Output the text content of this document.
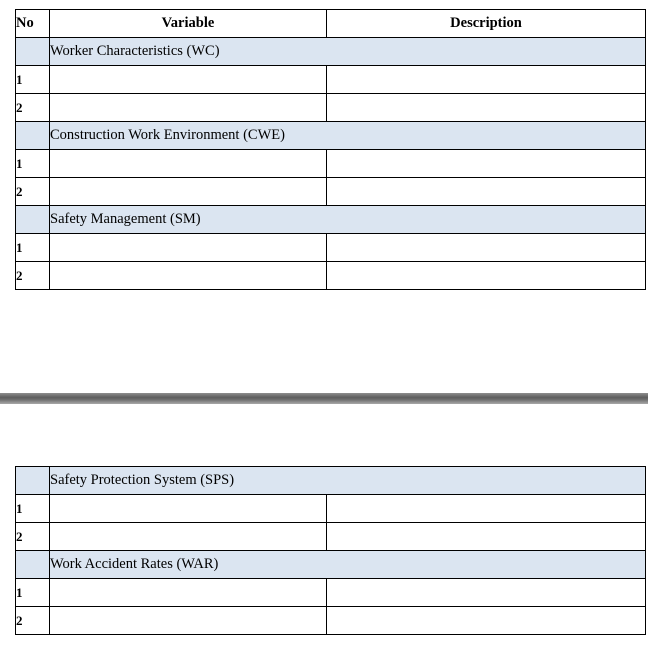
No	Variable	Description
	Worker Characteristics (WC)	
1		
2		
	Construction Work Environment (CWE)	
1		
2		
	Safety Management (SM)	
1		
2		
	Safety Protection System (SPS)	
1		
2		
	Work Accident Rates (WAR)	
1		
2		
